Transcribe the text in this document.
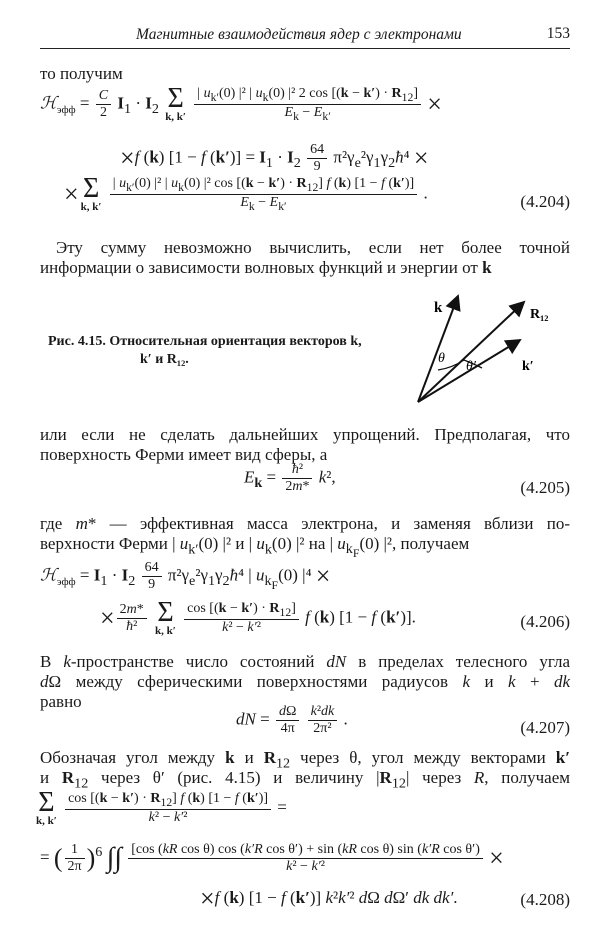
Магнитные взаимодействия ядер с электронами	153
то получим
ℋ$_{эфф}$ = $\frac{C}{2} I_1 \cdot I_2$ Σ
k, k′
$\frac{| u_{k'}(0) |^2 | u_k(0) |^2 2 \cos [(k - k') \cdot R_{12}]}{E_k - E_{k'}}$ ×
×f (k) [1 − f $(k')] = I_1 \cdot I_2 \frac{64}{9}$ $\pi^2\gamma_e^2\gamma_1\gamma_2ħ^4$ ×
× Σ
k, k′

| $u_{k'}(0)$ |² | $u_k(0)$ |² $\cos [(k - k') \cdot R_{12}]$ f (k) [1 − f (k′)]
$E_k - E_{k'}$
.	(4.204)
Эту сумму невозможно вычислить, если нет более точной
информации о зависимости волновых функций и энергии от k
Рис. 4.15. Относительная ориентация векторов k,
k′ и R₁₂.
k	R₁₂
k′
θ
θ′
или если не сделать дальнейших упрощений. Предполагая, что
поверхность Ферми имеет вид сферы, а
$E_k = \frac{\text{ħ²}}{2m*} k^2$,
(4.205)
где m* — эффективная масса электрона, и заменяя вблизи по-
верхности Ферми | $u_{k'}(0)$ |² и | $u_k(0)$ |² на | $u_{k_F}(0)$ |², получаем
ℋ$_{эфф}$ = $I_1 \cdot I_2 \frac{64}{9}$ $\pi^2\gamma_e^2\gamma_1\gamma_2ħ^4$ | $u_{k_F}(0) |^4$ ×
× $\frac{2m*}{\text{ħ²}}$
Σ
k, k′
$\frac{\cos [(k - k') \cdot R_{12}]}{\text{k² − k′²}}$ f (k) [1 − f (k′)].	(4.206)
В k-пространстве число состояний dN в пределах телесного угла
dΩ между сферическими поверхностями радиусов k и k + dk
равно
dN = $\frac{d\Omega}{4\pi}$
$\frac{\text{k²dk}}{\text{2π²}}$ .	(4.207)
Обозначая угол между k и $R_{12}$ через θ, угол между векторами k′
и $R_{12}$ через θ′ (рис. 4.15) и величину $|R_{12}|$ через R, получаем
Σ
k, k′
$\frac{\cos [(k - k') \cdot R_{12}] f (k) [1 - f (k')]}{\text{k² − k′²}}$ =
= ( $\frac{1}{2\pi} )^6$ ∫∫ [cos (kR cos θ) cos (k′R cos θ′) + sin (kR cos θ) sin (k′R cos θ′)
k² − k′²	×
×f (k) [1 − f (k′)] k²k′² dΩ dΩ′ dk dk′.	(4.208)
